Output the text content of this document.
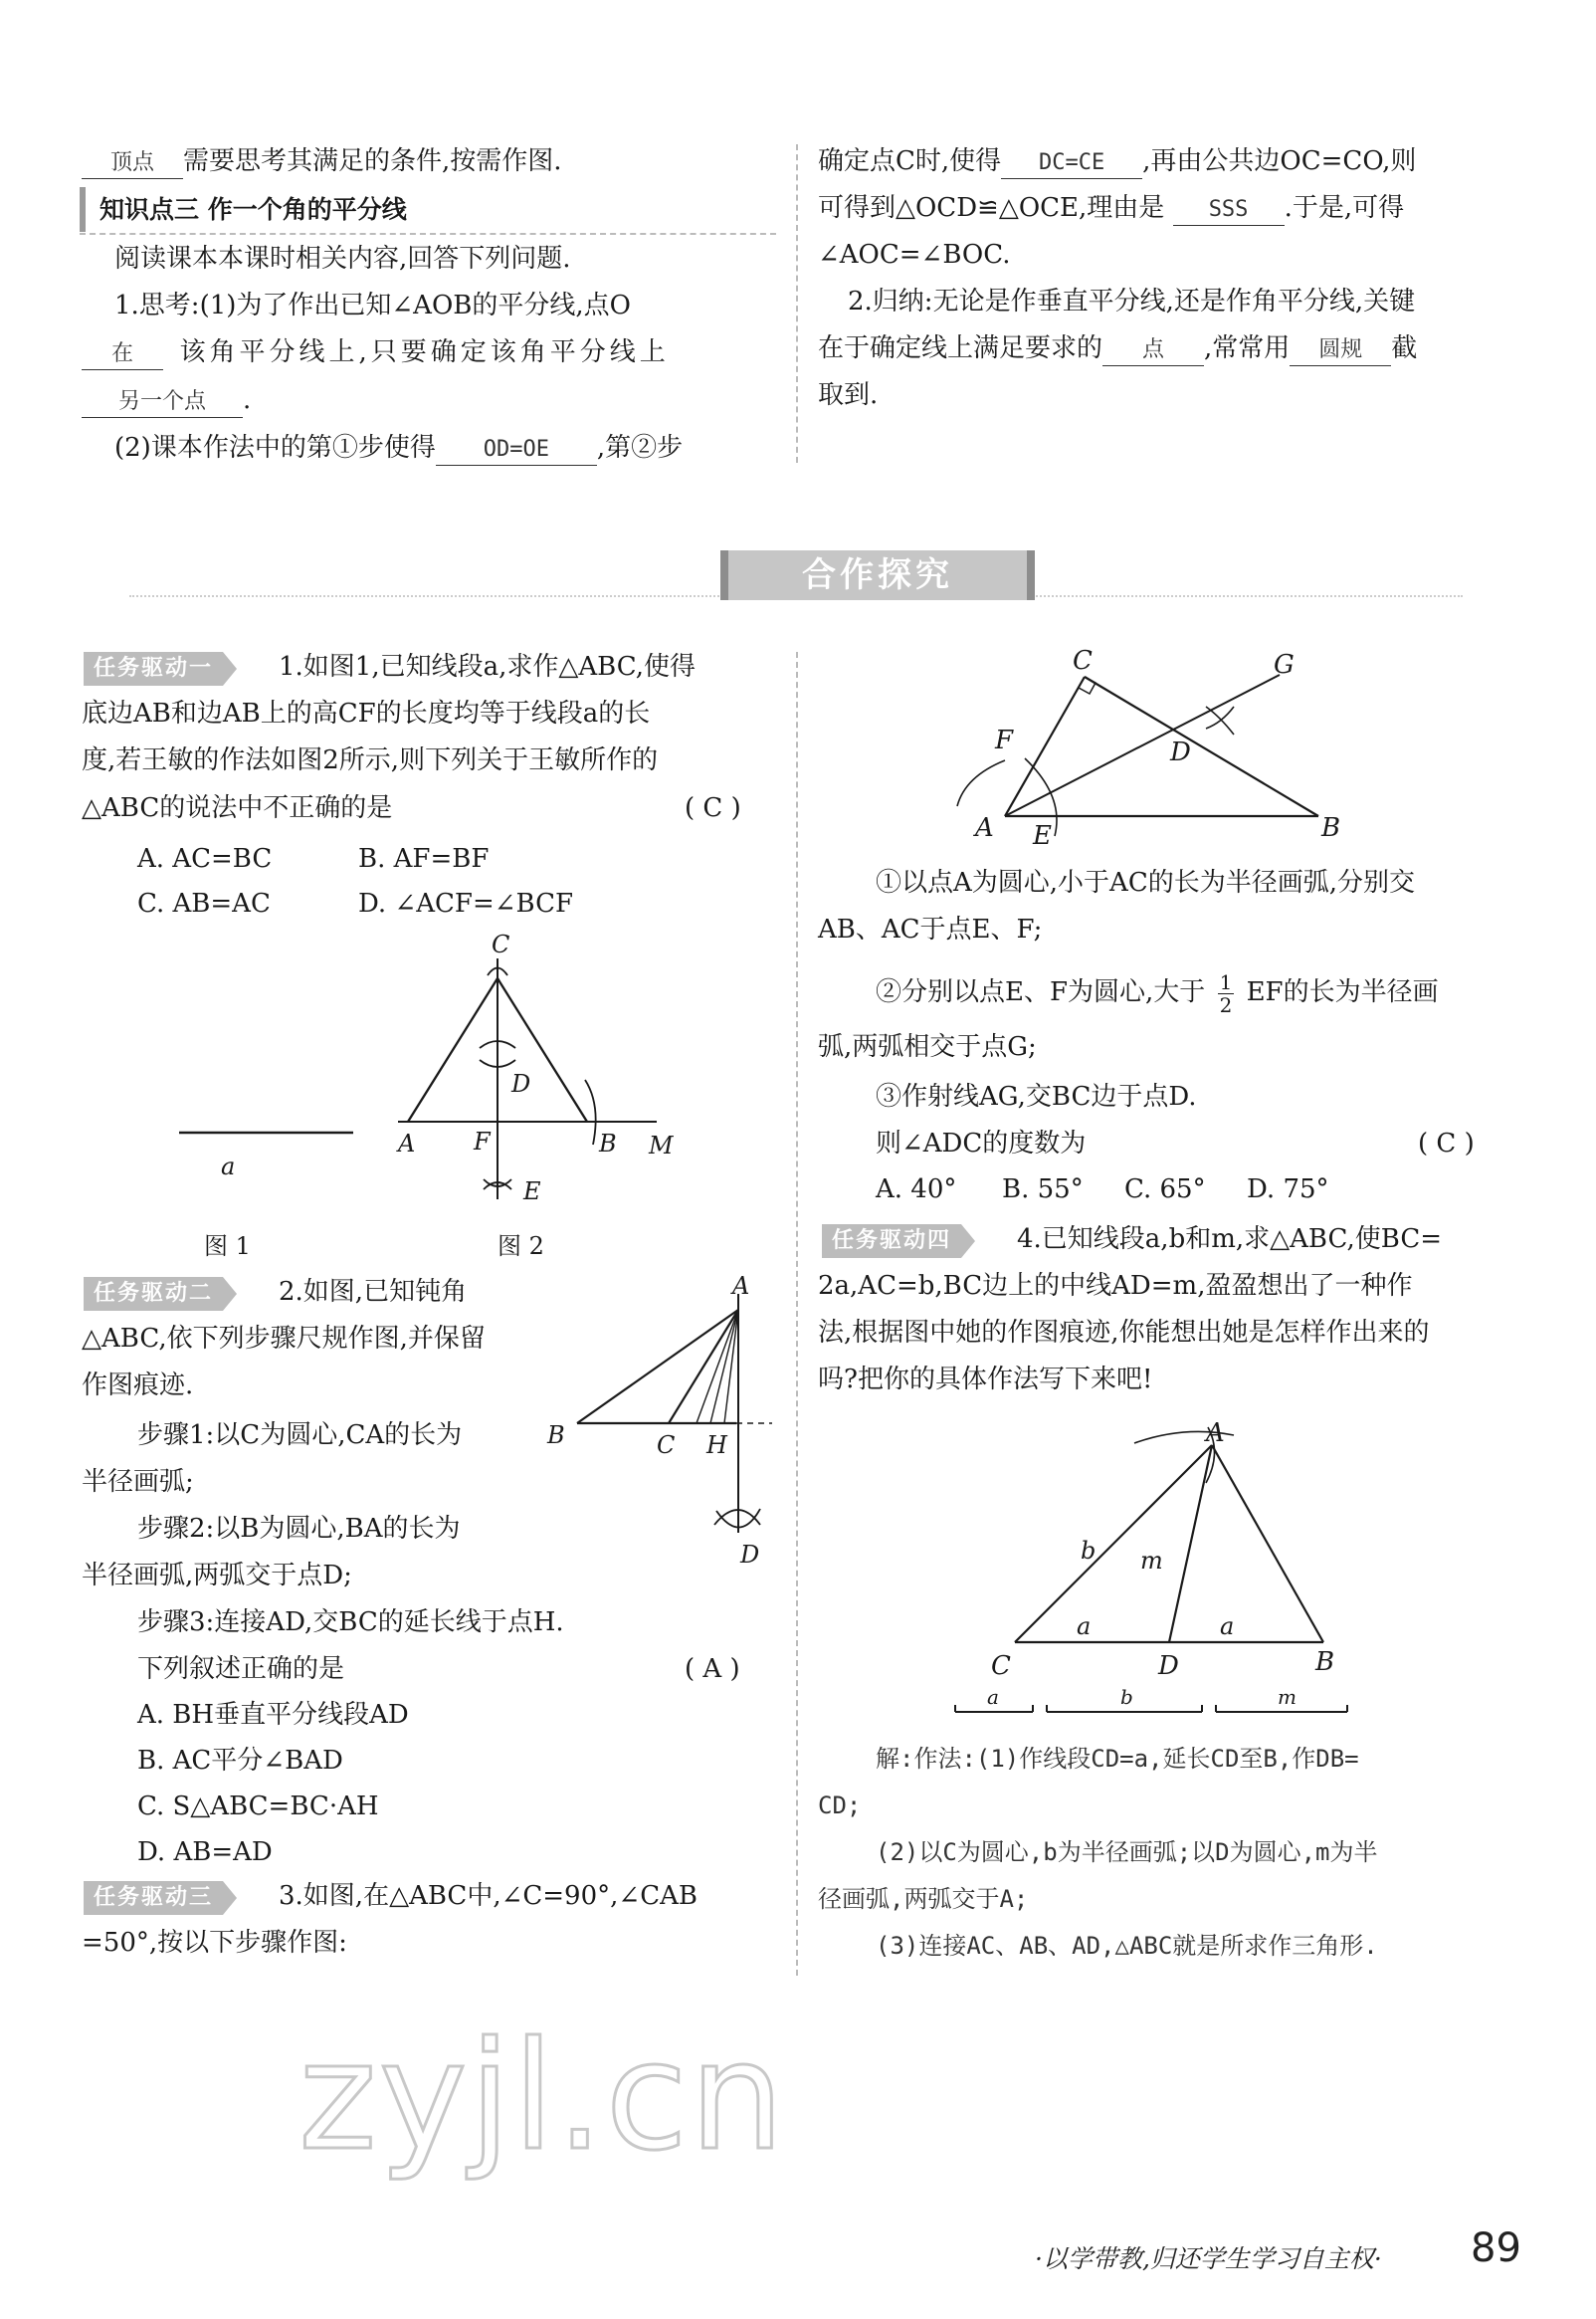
顶点 需要思考其满足的条件,按需作图.
知识点三 作一个角的平分线
阅读课本本课时相关内容,回答下列问题.
1.思考:(1)为了作出已知∠AOB的平分线,点O
在 该角平分线上,只要确定该角平分线上
另一个点 .
(2)课本作法中的第①步使得 OD=OE ,第②步
确定点C时,使得 DC=CE ,再由公共边OC=CO,则
可得到△OCD≌△OCE,理由是 SSS .于是,可得
∠AOC=∠BOC.
2.归纳:无论是作垂直平分线,还是作角平分线,关键
在于确定线上满足要求的 点 ,常常用 圆规 截
取到.
合作探究
任务驱动一	1.如图1,已知线段a,求作△ABC,使得
底边AB和边AB上的高CF的长度均等于线段a的长
度,若王敏的作法如图2所示,则下列关于王敏所作的
△ABC的说法中不正确的是	( C )
A. AC=BC	B. AF=BF
C. AB=AC	D. ∠ACF=∠BCF
a
图 1
C
D
A F	B M
E
图 2
任务驱动二	2.如图,已知钝角
△ABC,依下列步骤尺规作图,并保留
作图痕迹.
步骤1:以C为圆心,CA的长为
半径画弧;
步骤2:以B为圆心,BA的长为
半径画弧,两弧交于点D;
步骤3:连接AD,交BC的延长线于点H.
下列叙述正确的是	( A )
A. BH垂直平分线段AD
B. AC平分∠BAD
C. S△ABC=BC·AH
D. AB=AD
A
B	C H
D
任务驱动三	3.如图,在△ABC中,∠C=90°,∠CAB
=50°,按以下步骤作图:
C	G
F	D
A E	B
①以点A为圆心,小于AC的长为半径画弧,分别交
AB、AC于点E、F;
②分别以点E、F为圆心,大于 $\frac{1}{2}$ EF的长为半径画
弧,两弧相交于点G;
③作射线AG,交BC边于点D.
则∠ADC的度数为	( C )
A. 40° B. 55° C. 65° D. 75°
任务驱动四	4.已知线段a,b和m,求△ABC,使BC=
2a,AC=b,BC边上的中线AD=m,盈盈想出了一种作
法,根据图中她的作图痕迹,你能想出她是怎样作出来的
吗?把你的具体作法写下来吧!
A
b m
a	a
C	D	B
a	b	m
解:作法:(1)作线段CD=a,延长CD至B,作DB=
CD;
(2)以C为圆心,b为半径画弧;以D为圆心,m为半
径画弧,两弧交于A;
(3)连接AC、AB、AD,△ABC就是所求作三角形.
zyjl.cn
·以学带教,归还学生学习自主权· 89
